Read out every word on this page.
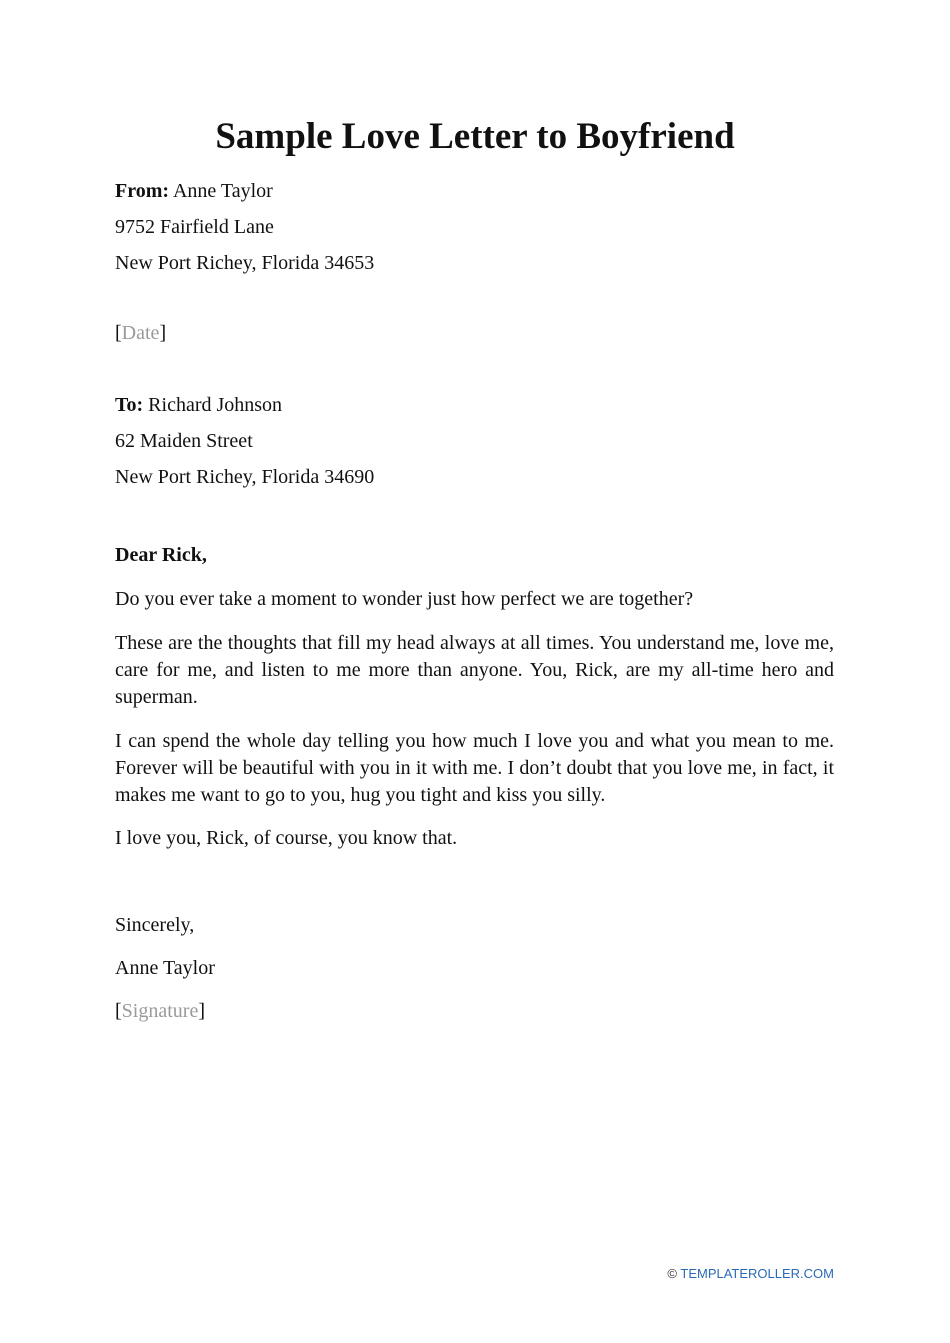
Sample Love Letter to Boyfriend
From: Anne Taylor
9752 Fairfield Lane
New Port Richey, Florida 34653
[Date]
To: Richard Johnson
62 Maiden Street
New Port Richey, Florida 34690
Dear Rick,
Do you ever take a moment to wonder just how perfect we are together?
These are the thoughts that fill my head always at all times. You understand me, love me, care for me, and listen to me more than anyone. You, Rick, are my all-time hero and superman.
I can spend the whole day telling you how much I love you and what you mean to me. Forever will be beautiful with you in it with me. I don’t doubt that you love me, in fact, it makes me want to go to you, hug you tight and kiss you silly.
I love you, Rick, of course, you know that.
Sincerely,
Anne Taylor
[Signature]
© TEMPLATEROLLER.COM
